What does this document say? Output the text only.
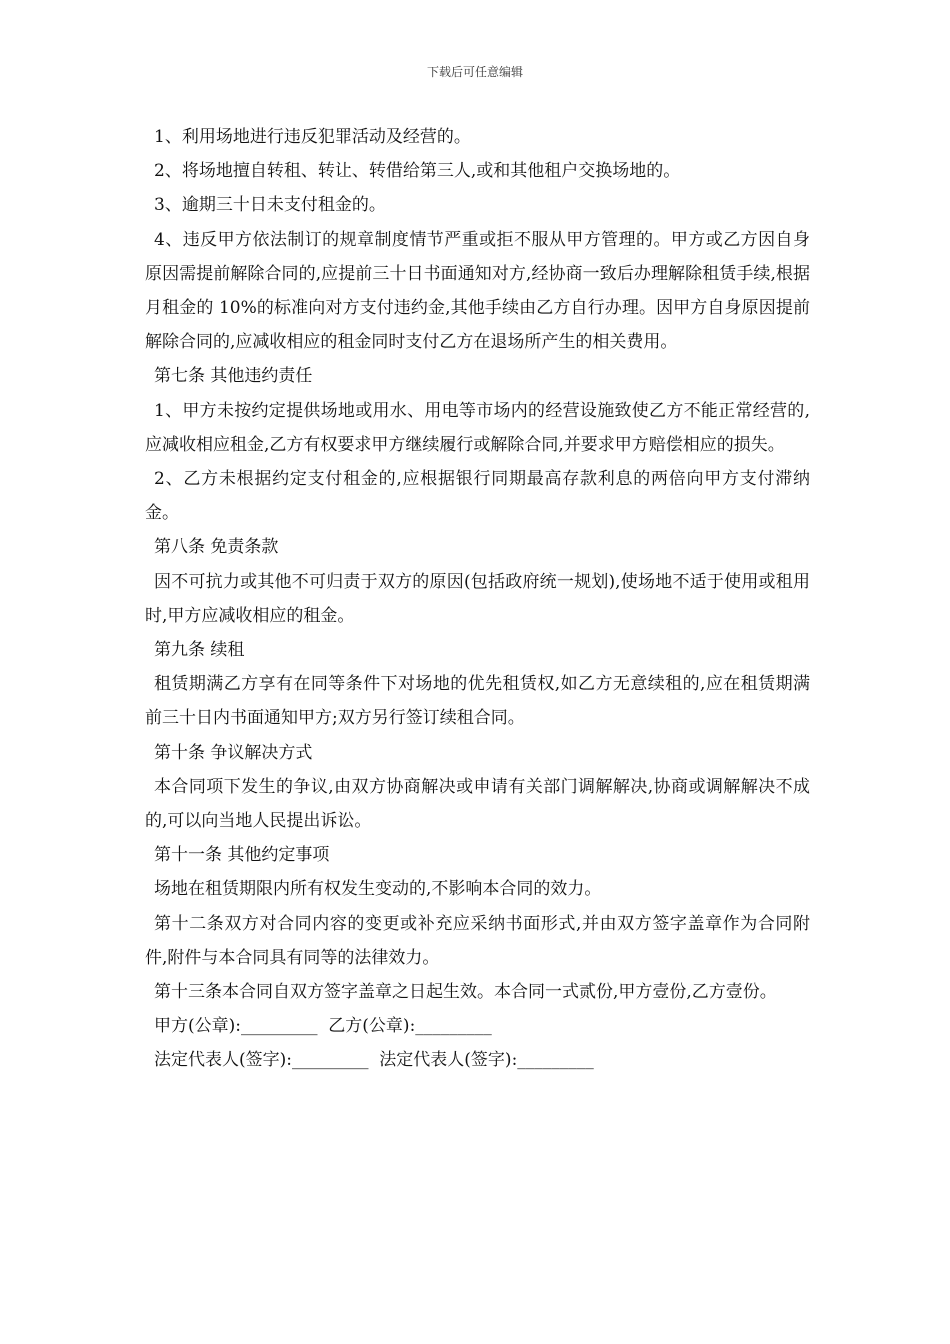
下载后可任意编辑

1、利用场地进行违反犯罪活动及经营的。

2、将场地擅自转租、转让、转借给第三人,或和其他租户交换场地的。

3、逾期三十日未支付租金的。

4、违反甲方依法制订的规章制度情节严重或拒不服从甲方管理的。甲方或乙方因自身原因需提前解除合同的,应提前三十日书面通知对方,经协商一致后办理解除租赁手续,根据月租金的 10%的标准向对方支付违约金,其他手续由乙方自行办理。因甲方自身原因提前解除合同的,应减收相应的租金同时支付乙方在退场所产生的相关费用。

第七条 其他违约责任

1、甲方未按约定提供场地或用水、用电等市场内的经营设施致使乙方不能正常经营的,应减收相应租金,乙方有权要求甲方继续履行或解除合同,并要求甲方赔偿相应的损失。

2、乙方未根据约定支付租金的,应根据银行同期最高存款利息的两倍向甲方支付滞纳金。

第八条 免责条款

因不可抗力或其他不可归责于双方的原因(包括政府统一规划),使场地不适于使用或租用时,甲方应减收相应的租金。

第九条 续租

租赁期满乙方享有在同等条件下对场地的优先租赁权,如乙方无意续租的,应在租赁期满前三十日内书面通知甲方;双方另行签订续租合同。

第十条 争议解决方式

本合同项下发生的争议,由双方协商解决或申请有关部门调解解决,协商或调解解决不成的,可以向当地人民提出诉讼。

第十一条 其他约定事项

场地在租赁期限内所有权发生变动的,不影响本合同的效力。

第十二条双方对合同内容的变更或补充应采纳书面形式,并由双方签字盖章作为合同附件,附件与本合同具有同等的法律效力。

第十三条本合同自双方签字盖章之日起生效。本合同一式贰份,甲方壹份,乙方壹份。

甲方(公章):_________  乙方(公章):_________

法定代表人(签字):_________  法定代表人(签字):_________
